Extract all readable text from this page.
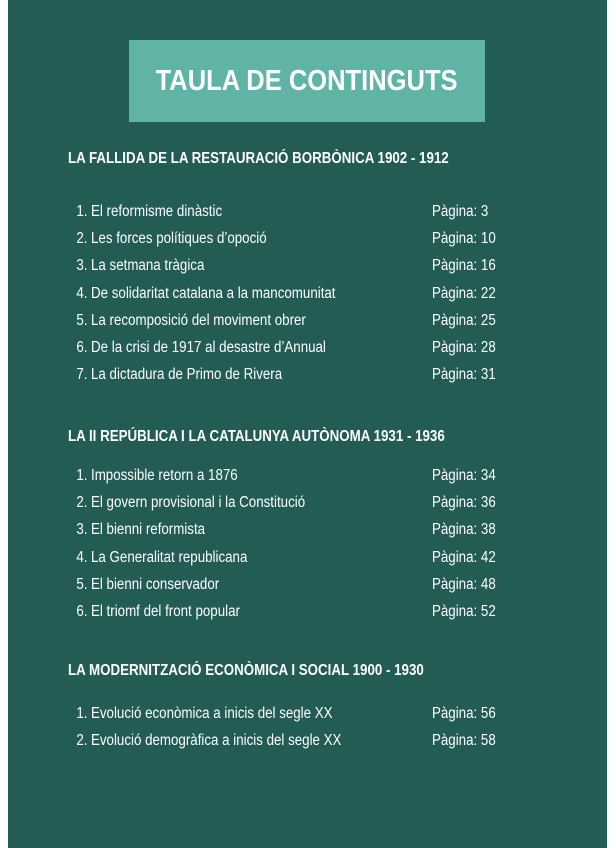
TAULA DE CONTINGUTS
LA FALLIDA DE LA RESTAURACIÓ BORBÒNICA 1902 - 1912
1. El reformisme dinàstic	Pàgina: 3
2. Les forces polítiques d’opoció	Pàgina: 10
3. La setmana tràgica	Pàgina: 16
4. De solidaritat catalana a la mancomunitat	Pàgina: 22
5. La recomposició del moviment obrer	Pàgina: 25
6. De la crisi de 1917 al desastre d’Annual	Pàgina: 28
7. La dictadura de Primo de Rivera	Pàgina: 31
LA II REPÚBLICA I LA CATALUNYA AUTÒNOMA 1931 - 1936
1. Impossible retorn a 1876	Pàgina: 34
2. El govern provisional i la Constitució	Pàgina: 36
3. El bienni reformista	Pàgina: 38
4. La Generalitat republicana	Pàgina: 42
5. El bienni conservador	Pàgina: 48
6. El triomf del front popular	Pàgina: 52
LA MODERNITZACIÓ ECONÒMICA I SOCIAL 1900 - 1930
1. Evolució econòmica a inicis del segle XX	Pàgina: 56
2. Evolució demogràfica a inicis del segle XX	Pàgina: 58
